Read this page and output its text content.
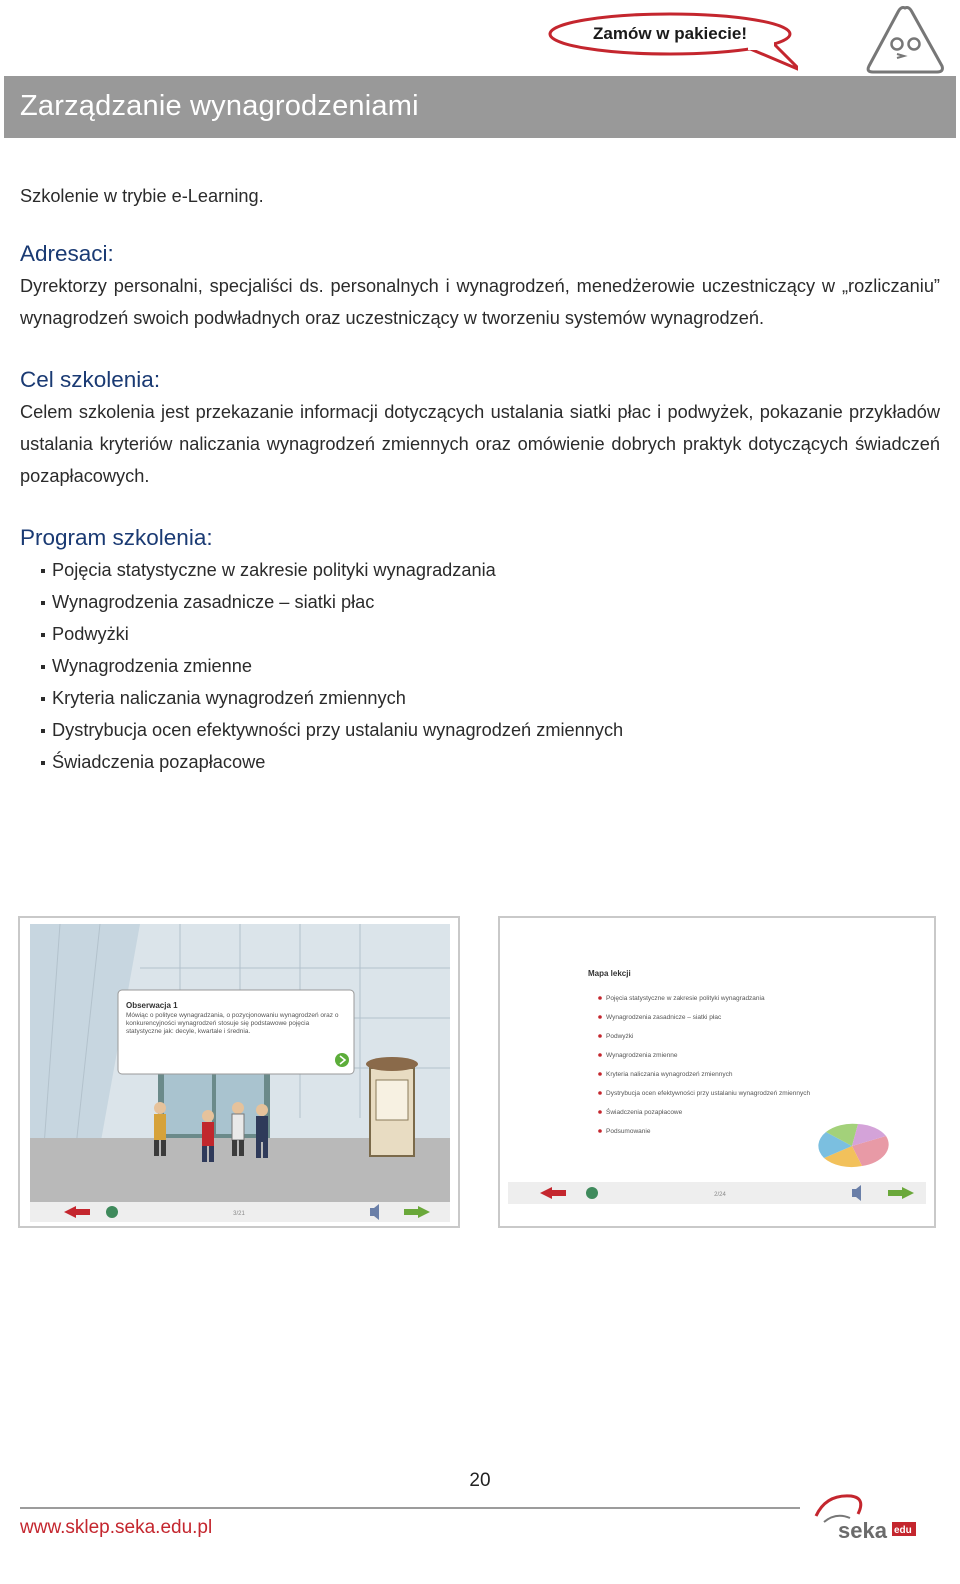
Zamów w pakiecie!
Zarządzanie wynagrodzeniami

Szkolenie w trybie e-Learning.

Adresaci:

Dyrektorzy personalni, specjaliści ds. personalnych i wynagrodzeń, menedżerowie uczestniczący w „rozliczaniu” wynagrodzeń swoich podwładnych oraz uczestniczący w tworzeniu systemów wynagrodzeń.

Cel szkolenia:

Celem szkolenia jest przekazanie informacji dotyczących ustalania siatki płac i podwyżek, pokazanie przykładów ustalania kryteriów naliczania wynagrodzeń zmiennych oraz omówienie dobrych praktyk dotyczących świadczeń pozapłacowych.

Program szkolenia:
Pojęcia statystyczne w zakresie polityki wynagradzania
Wynagrodzenia zasadnicze – siatki płac
Podwyżki
Wynagrodzenia zmienne
Kryteria naliczania wynagrodzeń zmiennych
Dystrybucja ocen efektywności przy ustalaniu wynagrodzeń zmiennych
Świadczenia pozapłacowe
Obserwacja 1
Mówiąc o polityce wynagradzania, o pozycjonowaniu wynagrodzeń oraz o konkurencyjności wynagrodzeń stosuje się podstawowe pojęcia statystyczne jak: decyle, kwartale i średnia.
3/21
Mapa lekcji
Pojęcia statystyczne w zakresie polityki wynagradzania
Wynagrodzenia zasadnicze – siatki płac
Podwyżki
Wynagrodzenia zmienne
Kryteria naliczania wynagrodzeń zmiennych
Dystrybucja ocen efektywności przy ustalaniu wynagrodzeń zmiennych
Świadczenia pozapłacowe
Podsumowanie
2/24
20
www.sklep.seka.edu.pl	seka edu
